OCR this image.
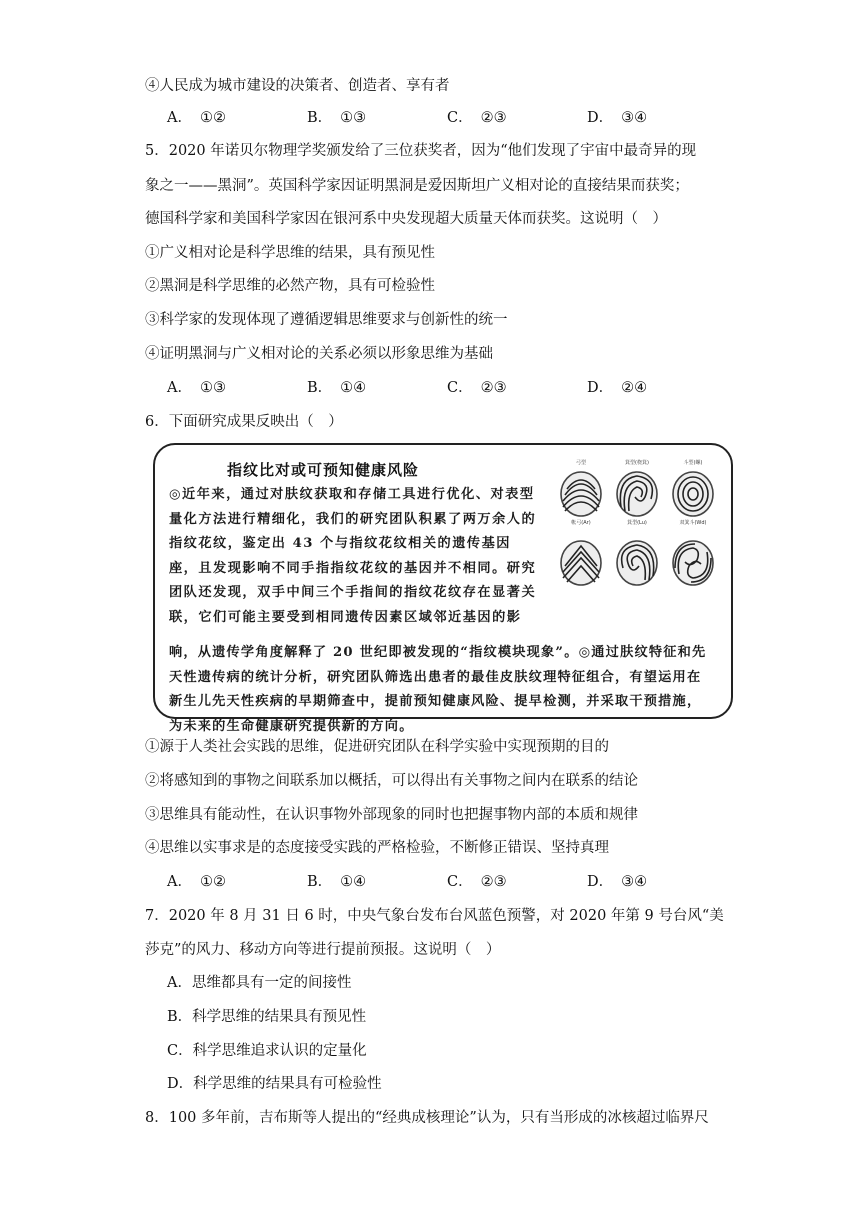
④人民成为城市建设的决策者、创造者、享有者
A． ①②	B． ①③	C． ②③	D． ③④
5．2020 年诺贝尔物理学奖颁发给了三位获奖者，因为“他们发现了宇宙中最奇异的现
象之一——黑洞”。英国科学家因证明黑洞是爱因斯坦广义相对论的直接结果而获奖；
德国科学家和美国科学家因在银河系中央发现超大质量天体而获奖。这说明（　）
①广义相对论是科学思维的结果，具有预见性
②黑洞是科学思维的必然产物，具有可检验性
③科学家的发现体现了遵循逻辑思维要求与创新性的统一
④证明黑洞与广义相对论的关系必须以形象思维为基础
A． ①③	B． ①④	C． ②③	D． ②④
6．下面研究成果反映出（　）
指纹比对或可预知健康风险
◎近年来，通过对肤纹获取和存储工具进行优化、对表型量化方法进行精细化，我们的研究团队积累了两万余人的指纹花纹，鉴定出 43 个与指纹花纹相关的遗传基因座，且发现影响不同手指指纹花纹的基因并不相同。研究团队还发现，双手中间三个手指间的指纹花纹存在显著关联，它们可能主要受到相同遗传因素区域邻近基因的影
响，从遗传学角度解释了 20 世纪即被发现的“指纹模块现象”。◎通过肤纹特征和先天性遗传病的统计分析，研究团队筛选出患者的最佳皮肤纹理特征组合，有望运用在新生儿先天性疾病的早期筛查中，提前预知健康风险、提早检测，并采取干预措施，为未来的生命健康研究提供新的方向。
弓型
帐弓(Ar)
箕型(桡箕)
箕型(Lu)
斗型(螺)
双箕斗(Wd)
①源于人类社会实践的思维，促进研究团队在科学实验中实现预期的目的
②将感知到的事物之间联系加以概括，可以得出有关事物之间内在联系的结论
③思维具有能动性，在认识事物外部现象的同时也把握事物内部的本质和规律
④思维以实事求是的态度接受实践的严格检验，不断修正错误、坚持真理
A． ①②	B． ①④	C． ②③	D． ③④
7．2020 年 8 月 31 日 6 时，中央气象台发布台风蓝色预警，对 2020 年第 9 号台风“美
莎克”的风力、移动方向等进行提前预报。这说明（　）
A．思维都具有一定的间接性
B．科学思维的结果具有预见性
C．科学思维追求认识的定量化
D．科学思维的结果具有可检验性
8．100 多年前，吉布斯等人提出的“经典成核理论”认为，只有当形成的冰核超过临界尺
